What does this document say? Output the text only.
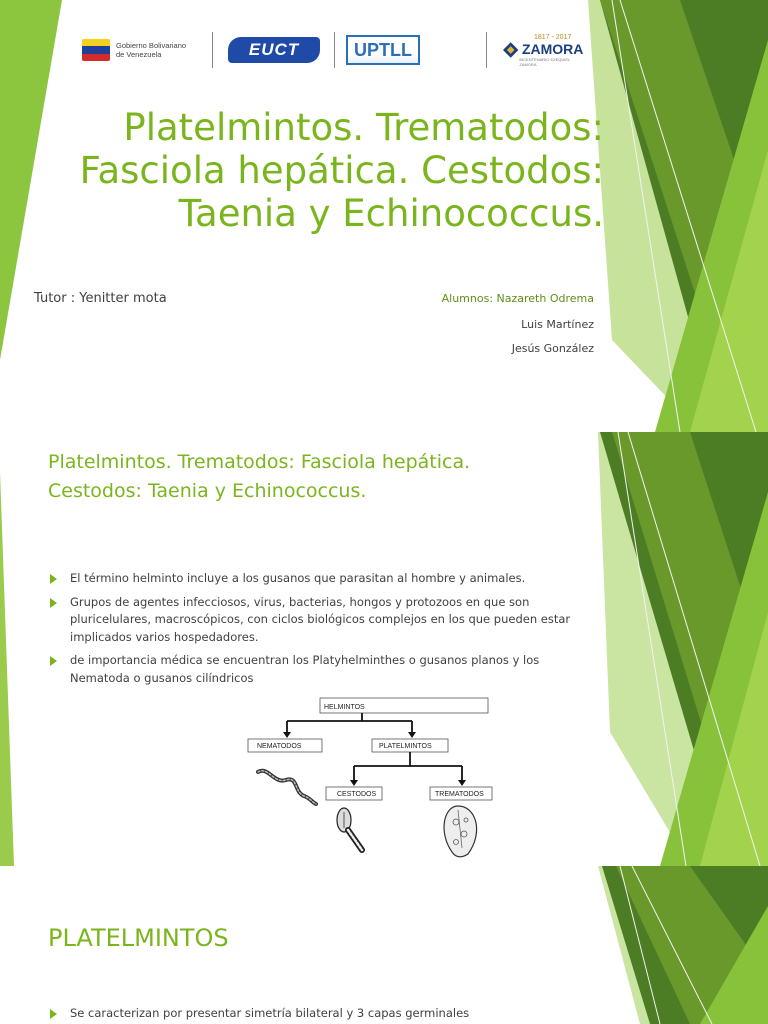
Gobierno Bolivariano
de Venezuela	EUCT	UPTLL
1817 - 2017
ZAMORA
BICENTENARIO EZEQUIEL ZAMORA
Platelmintos. Trematodos:
Fasciola hepática. Cestodos:
Taenia y Echinococcus.
Tutor : Yenitter mota	Alumnos: Nazareth Odrema
Luis Martínez
Jesús González
Platelmintos. Trematodos: Fasciola hepática.
Cestodos: Taenia y Echinococcus.
El término helminto incluye a los gusanos que parasitan al hombre y animales.
Grupos de agentes infecciosos, virus, bacterias, hongos y protozoos en que son pluricelulares, macroscópicos, con ciclos biológicos complejos en los que pueden estar implicados varios hospedadores.
de importancia médica se encuentran los Platyhelminthes o gusanos planos y los Nematoda o gusanos cilíndricos
HELMINTOS
NEMATODOS	PLATELMINTOS
CESTODOS	TREMATODOS
PLATELMINTOS
Se caracterizan por presentar simetría bilateral y 3 capas germinales
